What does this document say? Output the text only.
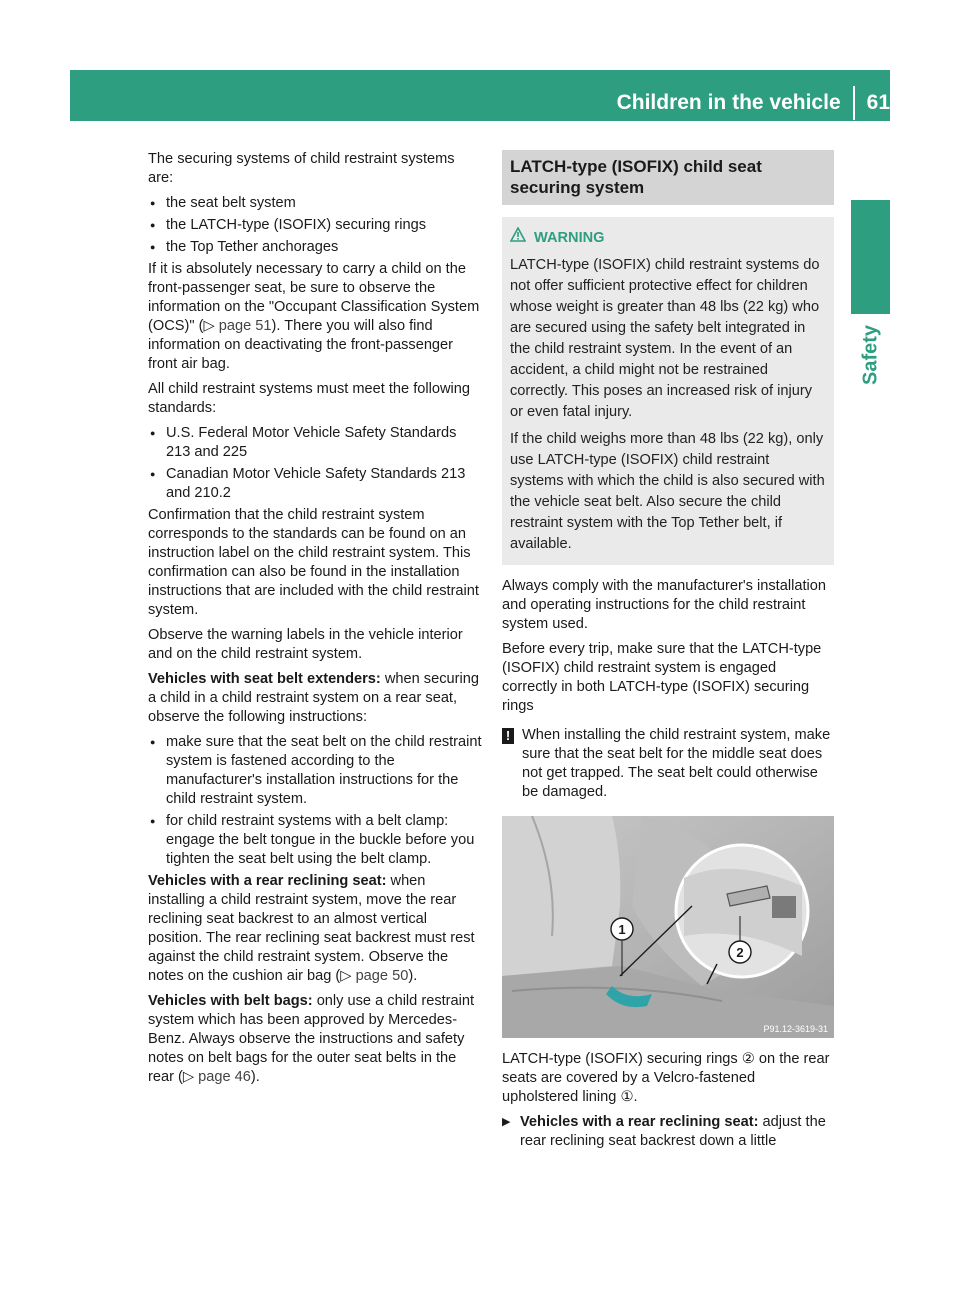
Children in the vehicle 61
Safety

The securing systems of child restraint systems are:

● the seat belt system
● the LATCH-type (ISOFIX) securing rings
● the Top Tether anchorages

If it is absolutely necessary to carry a child on the front-passenger seat, be sure to observe the information on the "Occupant Classification System (OCS)" (▷ page 51). There you will also find information on deactivating the front-passenger front air bag.

All child restraint systems must meet the following standards:

● U.S. Federal Motor Vehicle Safety Standards 213 and 225
● Canadian Motor Vehicle Safety Standards 213 and 210.2

Confirmation that the child restraint system corresponds to the standards can be found on an instruction label on the child restraint system. This confirmation can also be found in the installation instructions that are included with the child restraint system.

Observe the warning labels in the vehicle interior and on the child restraint system.

Vehicles with seat belt extenders: when securing a child in a child restraint system on a rear seat, observe the following instructions:

● make sure that the seat belt on the child restraint system is fastened according to the manufacturer's installation instructions for the child restraint system.
● for child restraint systems with a belt clamp: engage the belt tongue in the buckle before you tighten the seat belt using the belt clamp.

Vehicles with a rear reclining seat: when installing a child restraint system, move the rear reclining seat backrest to an almost vertical position. The rear reclining seat backrest must rest against the child restraint system. Observe the notes on the cushion air bag (▷ page 50).

Vehicles with belt bags: only use a child restraint system which has been approved by Mercedes-Benz. Always observe the instructions and safety notes on belt bags for the outer seat belts in the rear (▷ page 46).

LATCH-type (ISOFIX) child seat securing system
WARNING

LATCH-type (ISOFIX) child restraint systems do not offer sufficient protective effect for children whose weight is greater than 48 lbs (22 kg) who are secured using the safety belt integrated in the child restraint system. In the event of an accident, a child might not be restrained correctly. This poses an increased risk of injury or even fatal injury.

If the child weighs more than 48 lbs (22 kg), only use LATCH-type (ISOFIX) child restraint systems with which the child is also secured with the vehicle seat belt. Also secure the child restraint system with the Top Tether belt, if available.

Always comply with the manufacturer's installation and operating instructions for the child restraint system used.

Before every trip, make sure that the LATCH-type (ISOFIX) child restraint system is engaged correctly in both LATCH-type (ISOFIX) securing rings

! When installing the child restraint system, make sure that the seat belt for the middle seat does not get trapped. The seat belt could otherwise be damaged.
1
2
P91.12-3619-31

LATCH-type (ISOFIX) securing rings ② on the rear seats are covered by a Velcro-fastened upholstered lining ①.

▶ Vehicles with a rear reclining seat: adjust the rear reclining seat backrest down a little
